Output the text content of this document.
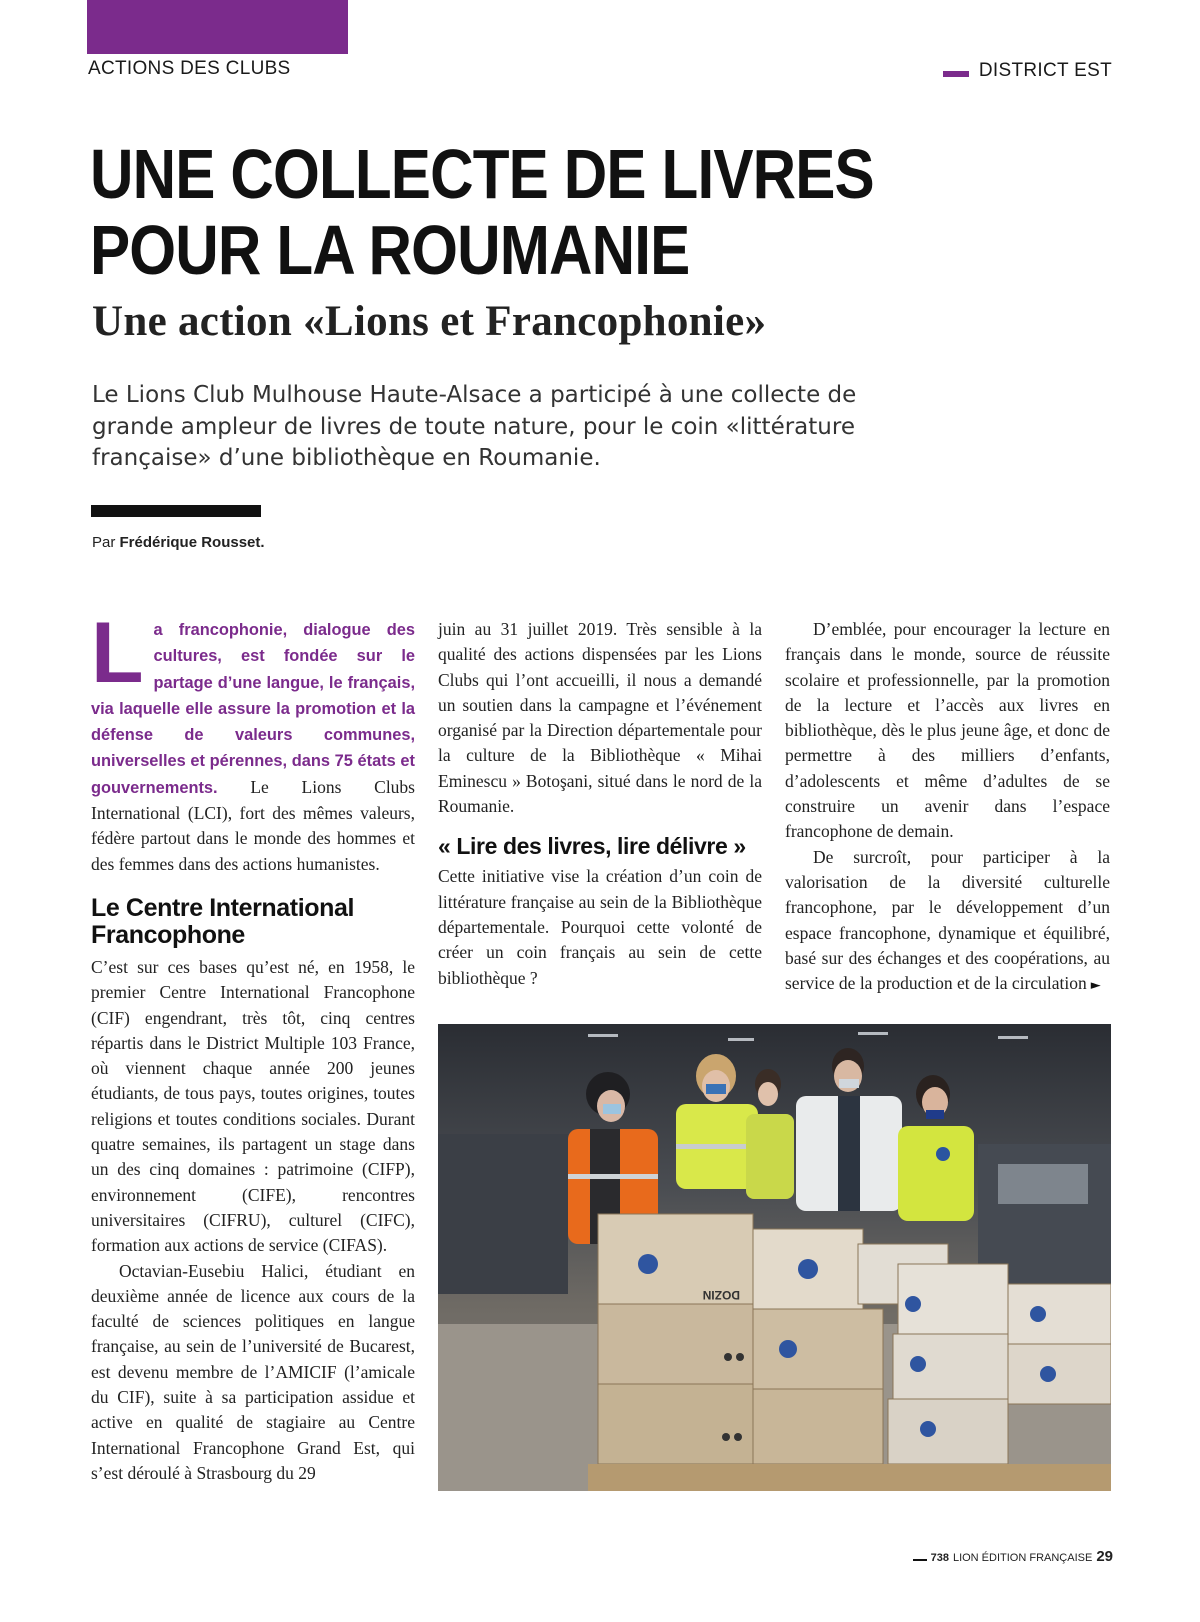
ACTIONS DES CLUBS	DISTRICT EST
UNE COLLECTE DE LIVRES
POUR LA ROUMANIE
Une action «Lions et Francophonie»

Le Lions Club Mulhouse Haute-Alsace a participé à une collecte de grande ampleur de livres de toute nature, pour le coin «littérature française» d’une bibliothèque en Roumanie.

Par Frédérique Rousset.

La francophonie, dialogue des cultures, est fondée sur le partage d’une langue, le français, via laquelle elle assure la promotion et la défense de valeurs communes, universelles et pérennes, dans 75 états et gouvernements. Le Lions Clubs International (LCI), fort des mêmes valeurs, fédère partout dans le monde des hommes et des femmes dans des actions humanistes.

Le Centre International Francophone

C’est sur ces bases qu’est né, en 1958, le premier Centre International Francophone (CIF) engendrant, très tôt, cinq centres répartis dans le District Multiple 103 France, où viennent chaque année 200 jeunes étudiants, de tous pays, toutes origines, toutes religions et toutes conditions sociales. Durant quatre semaines, ils partagent un stage dans un des cinq domaines : patrimoine (CIFP), environnement (CIFE), rencontres universitaires (CIFRU), culturel (CIFC), formation aux actions de service (CIFAS).

Octavian-Eusebiu Halici, étudiant en deuxième année de licence aux cours de la faculté de sciences politiques en langue française, au sein de l’université de Bucarest, est devenu membre de l’AMICIF (l’amicale du CIF), suite à sa participation assidue et active en qualité de stagiaire au Centre International Francophone Grand Est, qui s’est déroulé à Strasbourg du 29

juin au 31 juillet 2019. Très sensible à la qualité des actions dispensées par les Lions Clubs qui l’ont accueilli, il nous a demandé un soutien dans la campagne et l’événement organisé par la Direction départementale pour la culture de la Bibliothèque « Mihai Eminescu » Botoşani, situé dans le nord de la Roumanie.

« Lire des livres, lire délivre »

Cette initiative vise la création d’un coin de littérature française au sein de la Bibliothèque départementale. Pourquoi cette volonté de créer un coin français au sein de cette bibliothèque ?

D’emblée, pour encourager la lecture en français dans le monde, source de réussite scolaire et professionnelle, par la promotion de la lecture et l’accès aux livres en bibliothèque, dès le plus jeune âge, et donc de permettre à des milliers d’enfants, d’adolescents et même d’adultes de se construire un avenir dans l’espace francophone de demain.

De surcroît, pour participer à la valorisation de la diversité culturelle francophone, par le développement d’un espace francophone, dynamique et équilibré, basé sur des échanges et des coopérations, au service de la production et de la circulation ►

DOZIN
738 LION ÉDITION FRANÇAISE 29
